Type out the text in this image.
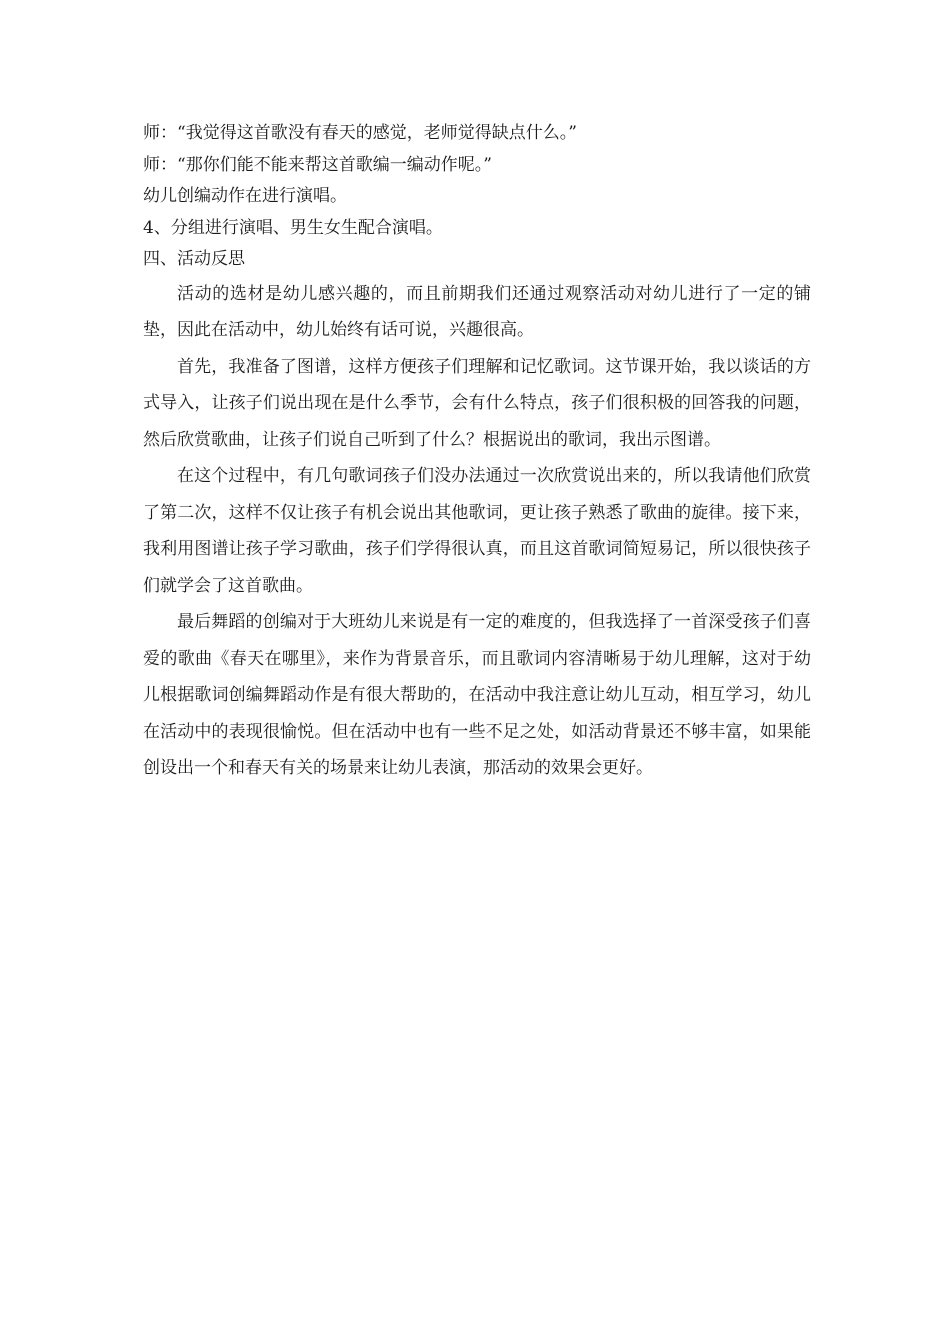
师：“我觉得这首歌没有春天的感觉，老师觉得缺点什么。”

师：“那你们能不能来帮这首歌编一编动作呢。”

幼儿创编动作在进行演唱。

4、分组进行演唱、男生女生配合演唱。

四、活动反思

活动的选材是幼儿感兴趣的，而且前期我们还通过观察活动对幼儿进行了一定的铺垫，因此在活动中，幼儿始终有话可说，兴趣很高。

首先，我准备了图谱，这样方便孩子们理解和记忆歌词。这节课开始，我以谈话的方式导入，让孩子们说出现在是什么季节，会有什么特点，孩子们很积极的回答我的问题，然后欣赏歌曲，让孩子们说自己听到了什么？根据说出的歌词，我出示图谱。

在这个过程中，有几句歌词孩子们没办法通过一次欣赏说出来的，所以我请他们欣赏了第二次，这样不仅让孩子有机会说出其他歌词，更让孩子熟悉了歌曲的旋律。接下来，我利用图谱让孩子学习歌曲，孩子们学得很认真，而且这首歌词简短易记，所以很快孩子们就学会了这首歌曲。

最后舞蹈的创编对于大班幼儿来说是有一定的难度的，但我选择了一首深受孩子们喜爱的歌曲《春天在哪里》，来作为背景音乐，而且歌词内容清晰易于幼儿理解，这对于幼儿根据歌词创编舞蹈动作是有很大帮助的，在活动中我注意让幼儿互动，相互学习，幼儿在活动中的表现很愉悦。但在活动中也有一些不足之处，如活动背景还不够丰富，如果能创设出一个和春天有关的场景来让幼儿表演，那活动的效果会更好。
